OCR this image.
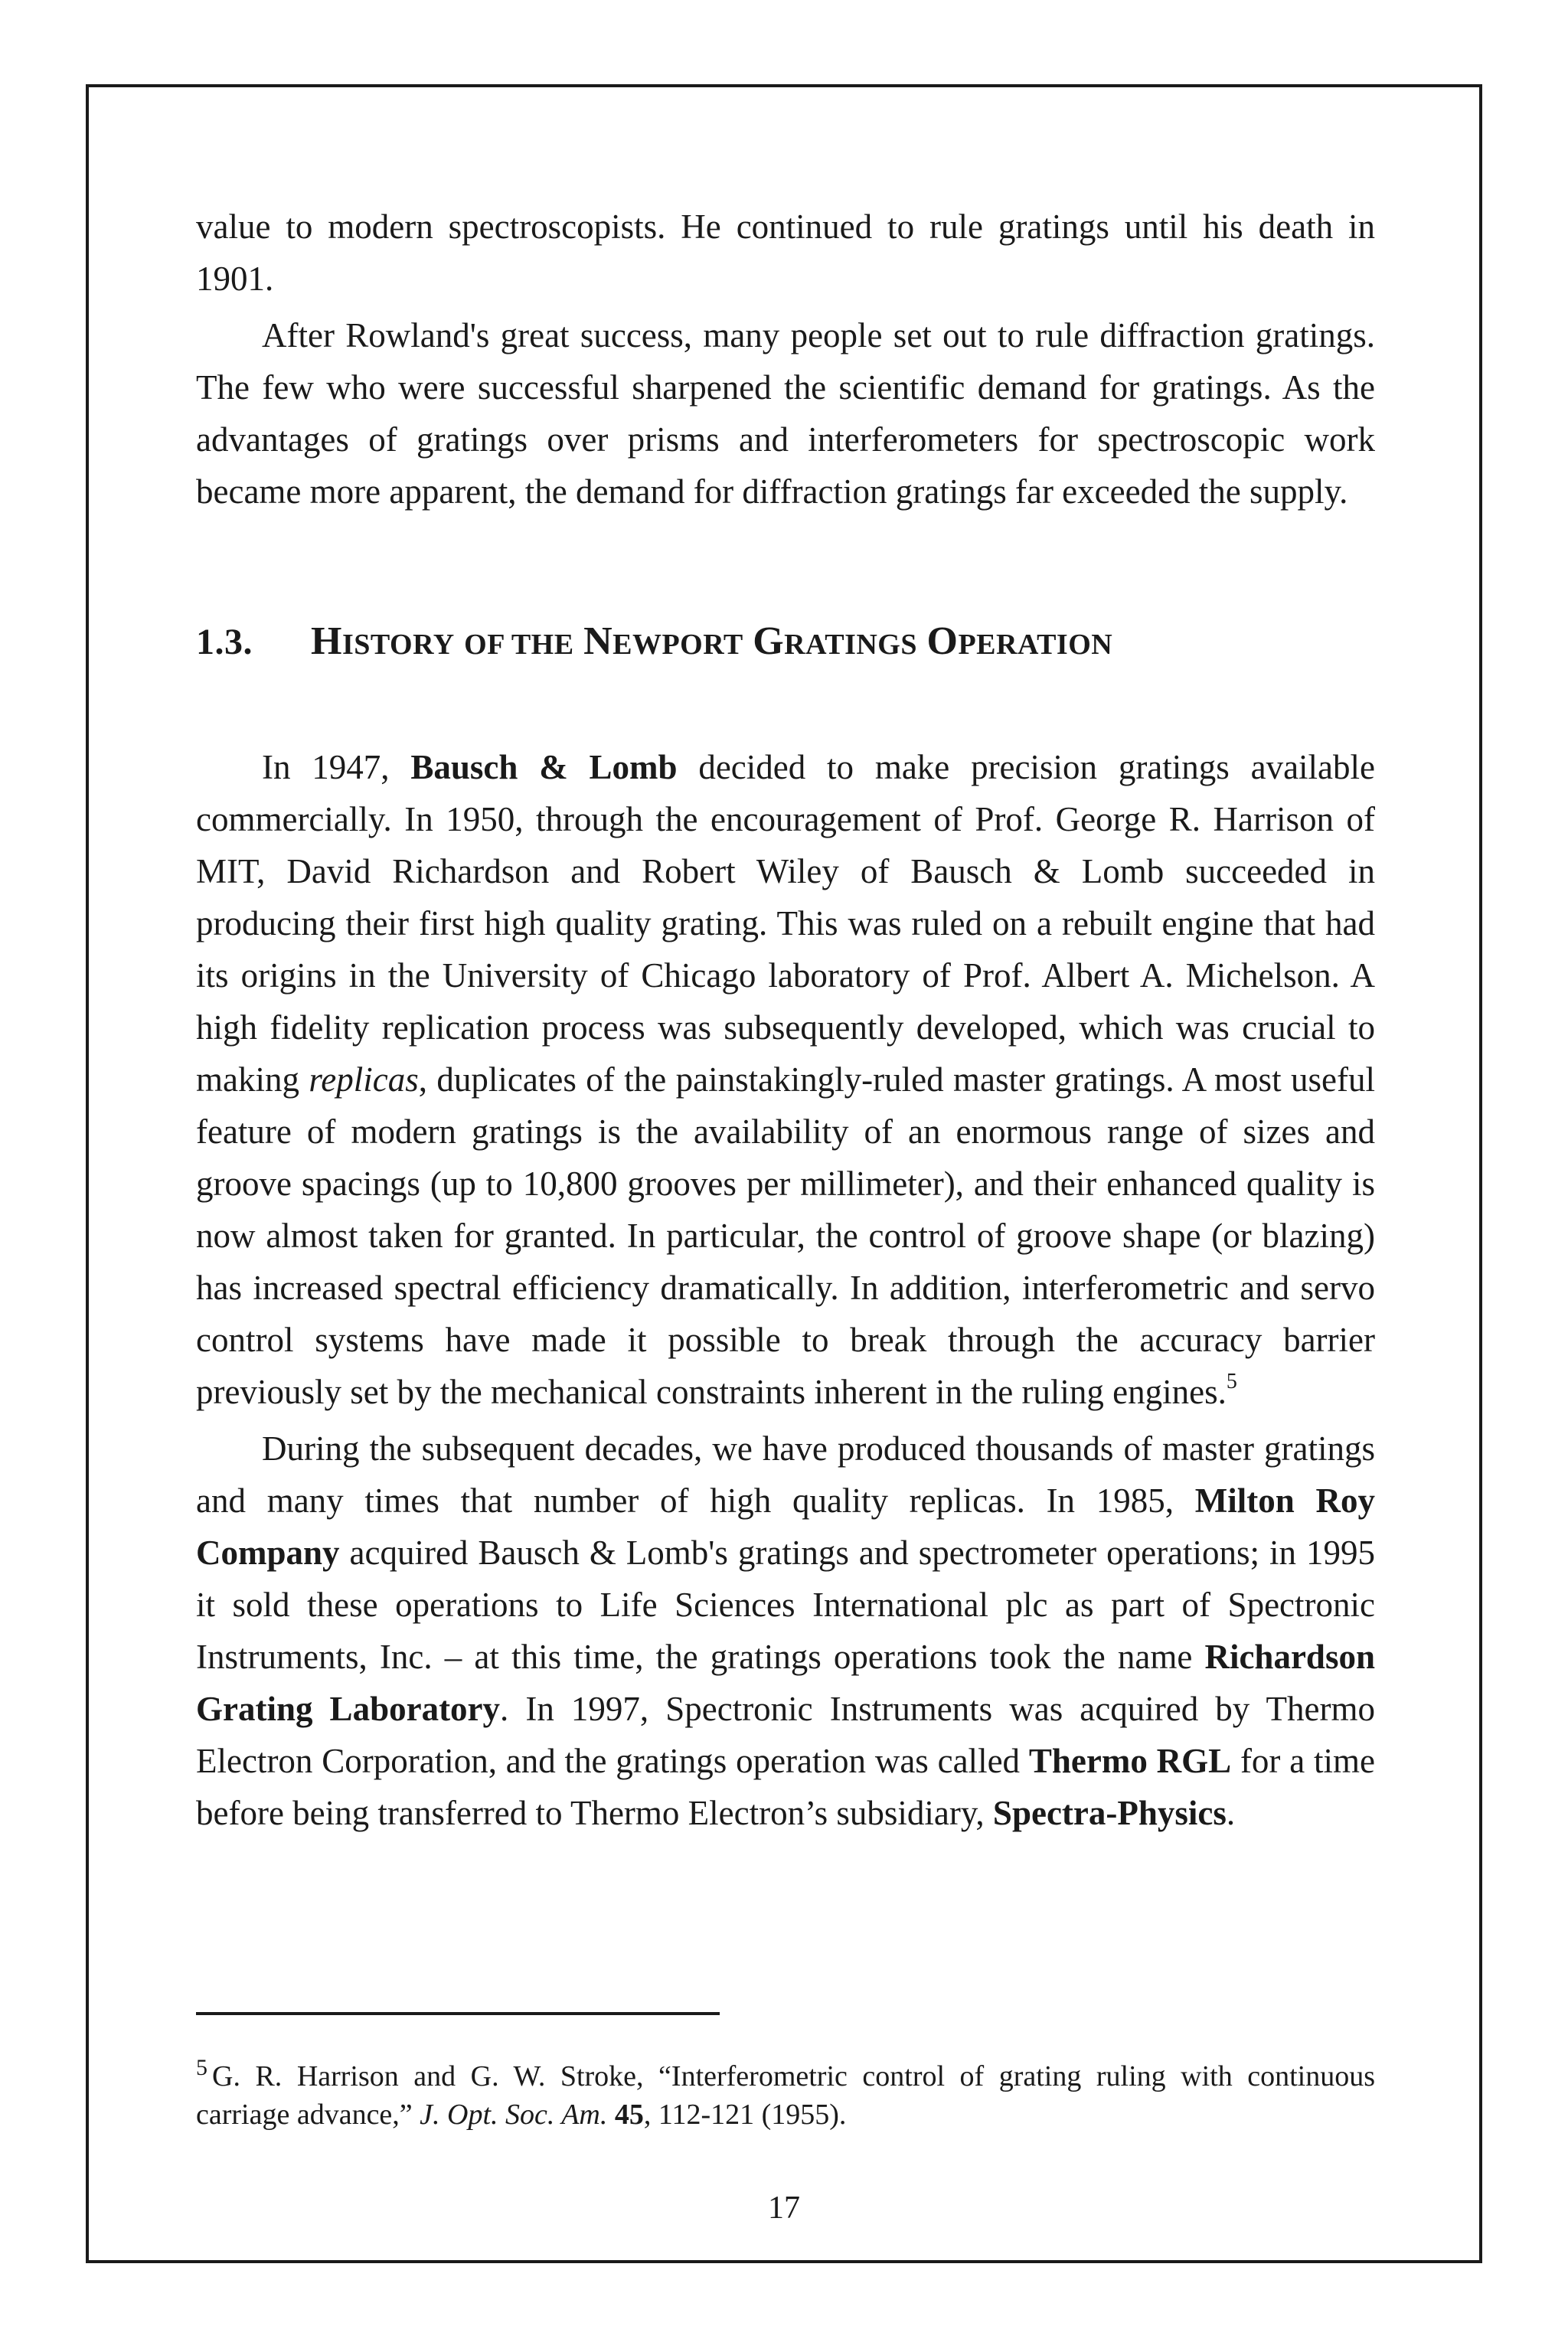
value to modern spectroscopists. He continued to rule gratings until his death in 1901.

After Rowland's great success, many people set out to rule diffraction gratings. The few who were successful sharpened the scientific demand for gratings. As the advantages of gratings over prisms and interferometers for spectroscopic work became more apparent, the demand for diffraction gratings far exceeded the supply.

1.3. HISTORY OF THE NEWPORT GRATINGS OPERATION

In 1947, Bausch & Lomb decided to make precision gratings available commercially. In 1950, through the encouragement of Prof. George R. Harrison of MIT, David Richardson and Robert Wiley of Bausch & Lomb succeeded in producing their first high quality grating. This was ruled on a rebuilt engine that had its origins in the University of Chicago laboratory of Prof. Albert A. Michelson. A high fidelity replication process was subsequently developed, which was crucial to making replicas, duplicates of the painstakingly-ruled master gratings. A most useful feature of modern gratings is the availability of an enormous range of sizes and groove spacings (up to 10,800 grooves per millimeter), and their enhanced quality is now almost taken for granted. In particular, the control of groove shape (or blazing) has increased spectral efficiency dramatically. In addition, interferometric and servo control systems have made it possible to break through the accuracy barrier previously set by the mechanical constraints inherent in the ruling engines.$^5$

During the subsequent decades, we have produced thousands of master gratings and many times that number of high quality replicas. In 1985, Milton Roy Company acquired Bausch & Lomb's gratings and spectrometer operations; in 1995 it sold these operations to Life Sciences International plc as part of Spectronic Instruments, Inc. – at this time, the gratings operations took the name Richardson Grating Laboratory. In 1997, Spectronic Instruments was acquired by Thermo Electron Corporation, and the gratings operation was called Thermo RGL for a time before being transferred to Thermo Electron’s subsidiary, Spectra-Physics.

$^5$ G. R. Harrison and G. W. Stroke, “Interferometric control of grating ruling with continuous carriage advance,” J. Opt. Soc. Am. 45, 112-121 (1955).
17
